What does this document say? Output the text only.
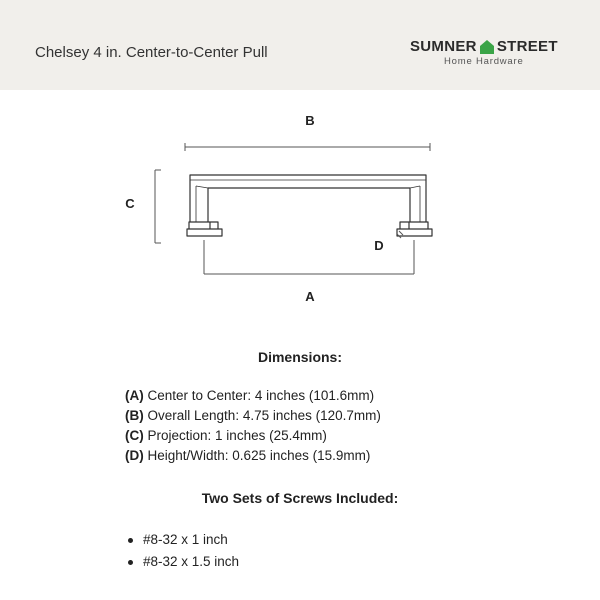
Chelsey 4 in. Center-to-Center Pull	SUMNER STREET
Home Hardware
B
C
D
A
Dimensions:
(A) Center to Center: 4 inches (101.6mm)
(B) Overall Length: 4.75 inches (120.7mm)
(C) Projection: 1 inches (25.4mm)
(D) Height/Width: 0.625 inches (15.9mm)
Two Sets of Screws Included:
#8-32 x 1 inch
#8-32 x 1.5 inch
